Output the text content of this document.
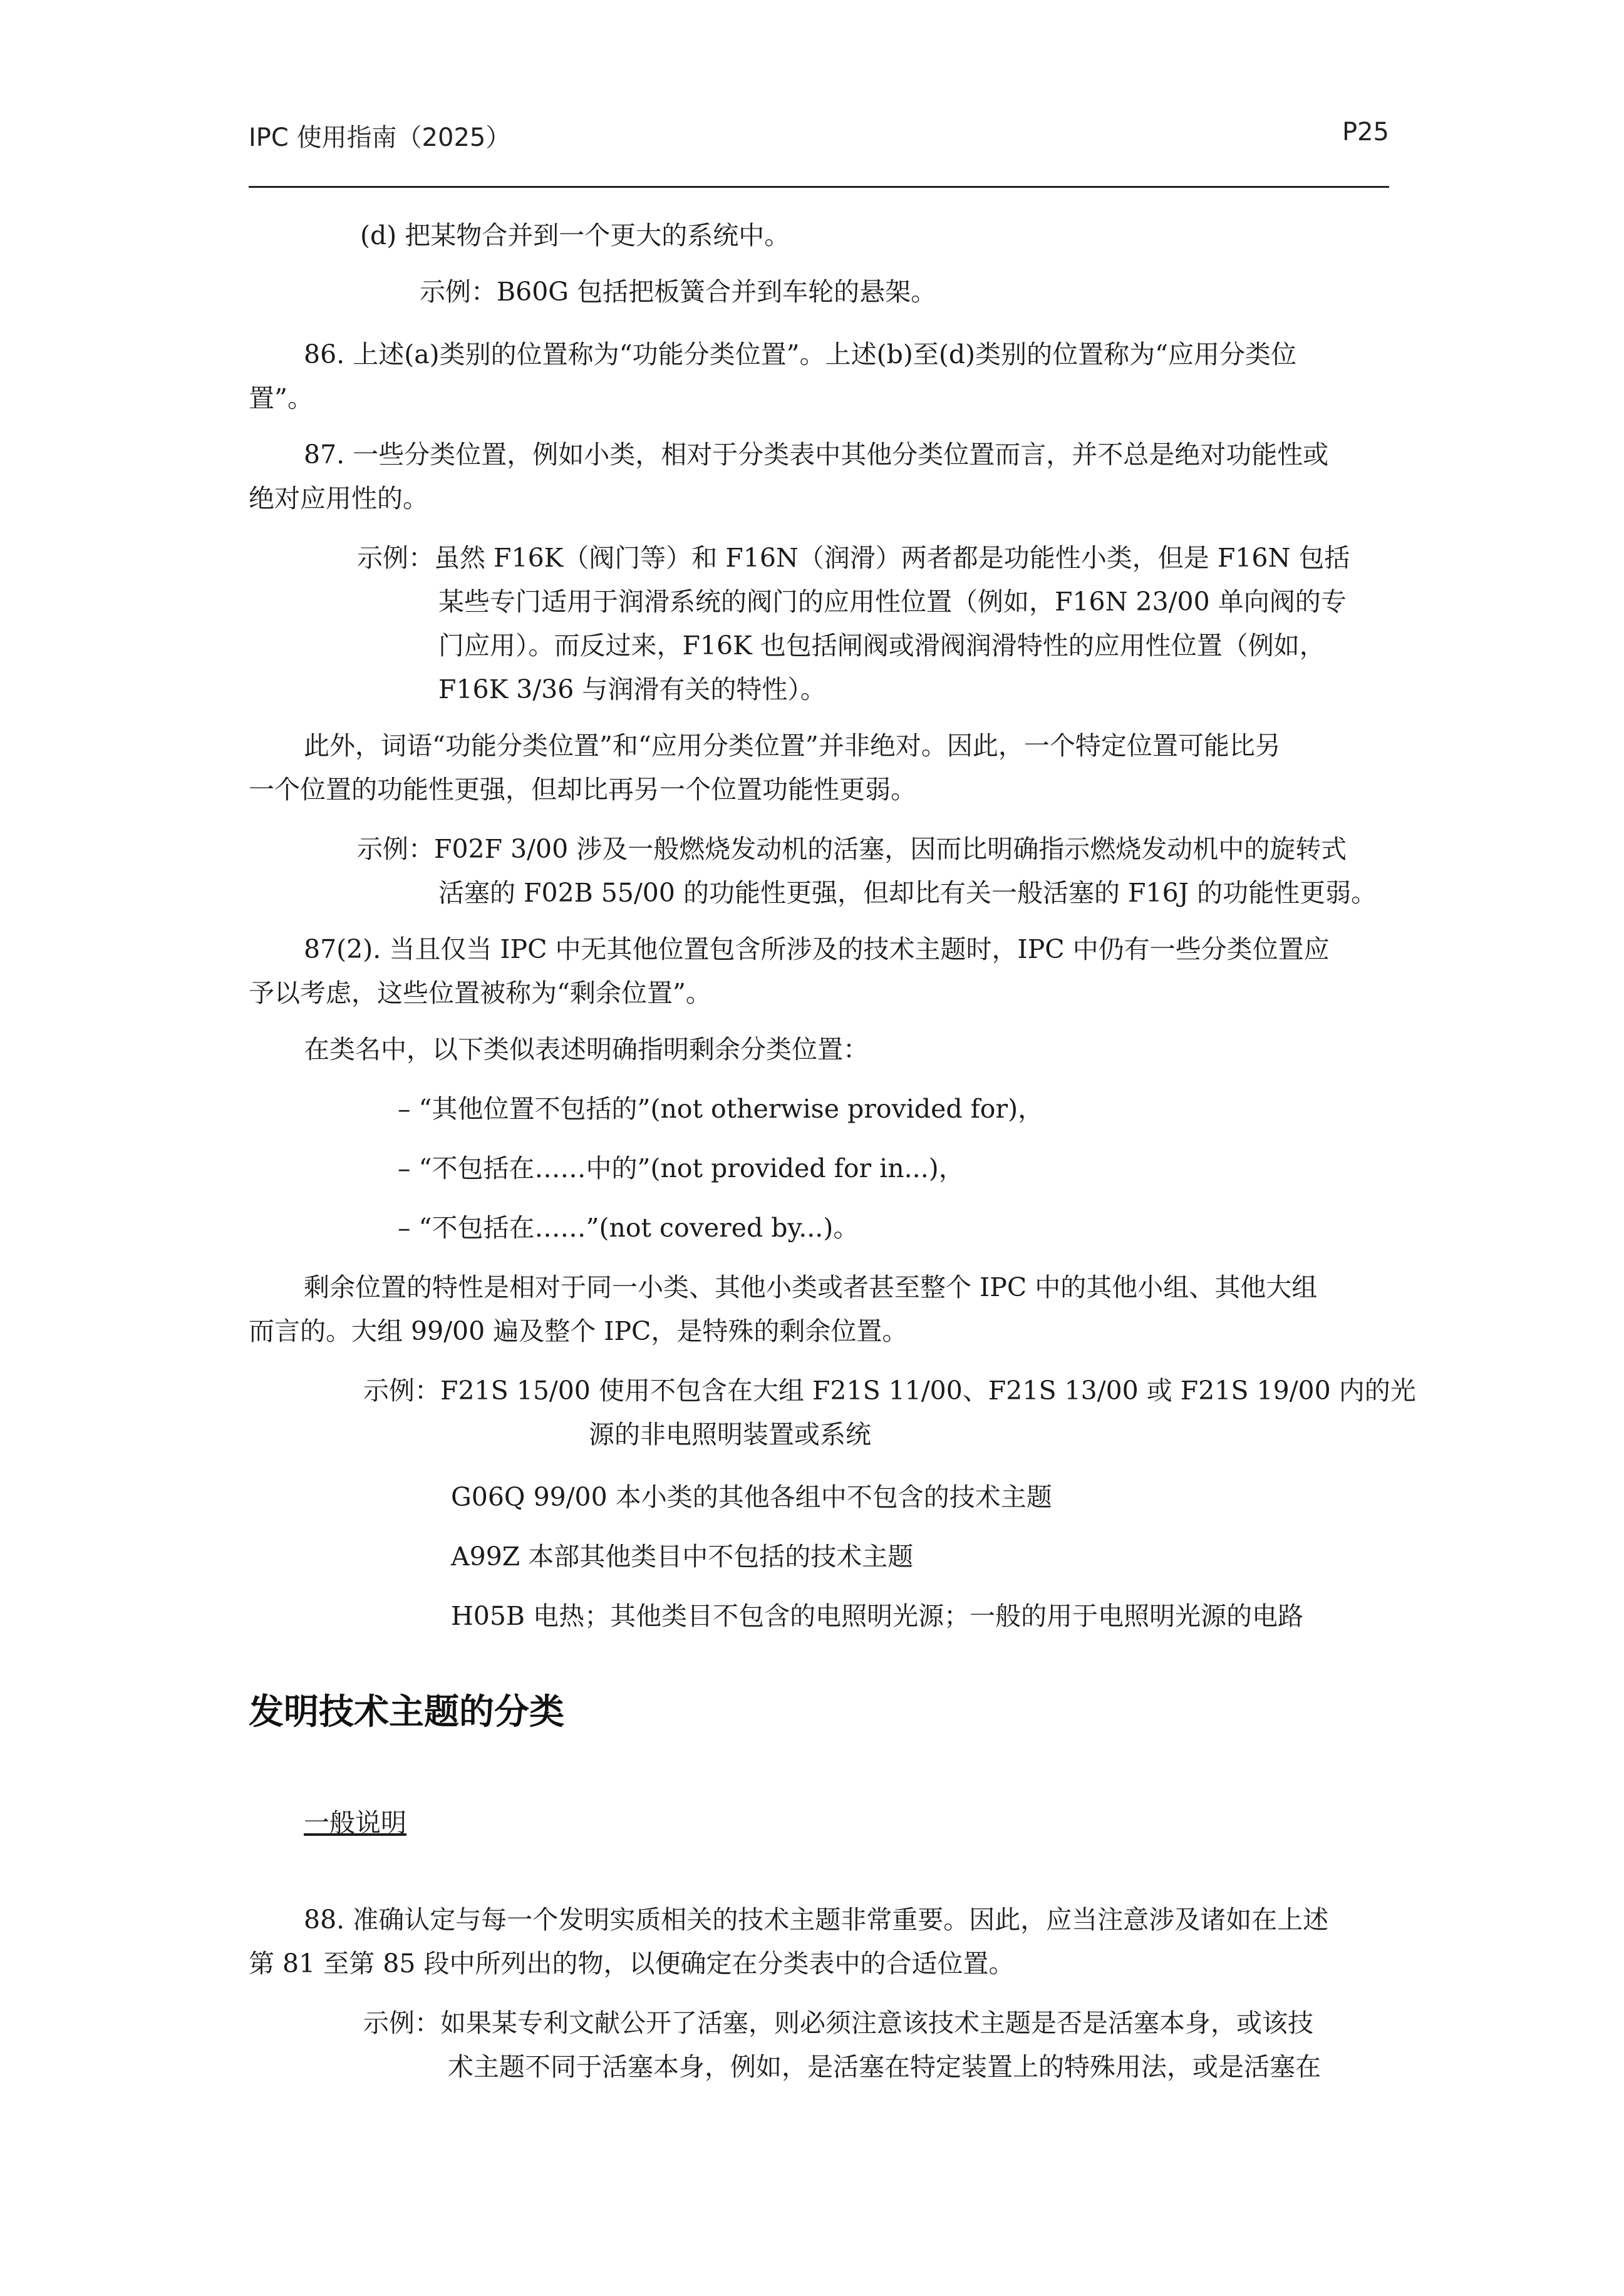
IPC 使用指南（2025）	P25

(d) 把某物合并到一个更大的系统中。

示例：B60G 包括把板簧合并到车轮的悬架。

86. 上述(a)类别的位置称为“功能分类位置”。上述(b)至(d)类别的位置称为“应用分类位

置”。

87. 一些分类位置，例如小类，相对于分类表中其他分类位置而言，并不总是绝对功能性或

绝对应用性的。

示例：虽然 F16K（阀门等）和 F16N（润滑）两者都是功能性小类，但是 F16N 包括

某些专门适用于润滑系统的阀门的应用性位置（例如，F16N 23/00 单向阀的专

门应用）。而反过来，F16K 也包括闸阀或滑阀润滑特性的应用性位置（例如，

F16K 3/36 与润滑有关的特性）。

此外，词语“功能分类位置”和“应用分类位置”并非绝对。因此，一个特定位置可能比另

一个位置的功能性更强，但却比再另一个位置功能性更弱。

示例：F02F 3/00 涉及一般燃烧发动机的活塞，因而比明确指示燃烧发动机中的旋转式

活塞的 F02B 55/00 的功能性更强，但却比有关一般活塞的 F16J 的功能性更弱。

87(2). 当且仅当 IPC 中无其他位置包含所涉及的技术主题时，IPC 中仍有一些分类位置应

予以考虑，这些位置被称为“剩余位置”。

在类名中，以下类似表述明确指明剩余分类位置：

– “其他位置不包括的”(not otherwise provided for)，

– “不包括在……中的”(not provided for in...)，

– “不包括在……”(not covered by...)。

剩余位置的特性是相对于同一小类、其他小类或者甚至整个 IPC 中的其他小组、其他大组

而言的。大组 99/00 遍及整个 IPC，是特殊的剩余位置。

示例：F21S 15/00 使用不包含在大组 F21S 11/00、F21S 13/00 或 F21S 19/00 内的光

源的非电照明装置或系统

G06Q 99/00 本小类的其他各组中不包含的技术主题

A99Z 本部其他类目中不包括的技术主题

H05B 电热；其他类目不包含的电照明光源；一般的用于电照明光源的电路

发明技术主题的分类

一般说明

88. 准确认定与每一个发明实质相关的技术主题非常重要。因此，应当注意涉及诸如在上述

第 81 至第 85 段中所列出的物，以便确定在分类表中的合适位置。

示例：如果某专利文献公开了活塞，则必须注意该技术主题是否是活塞本身，或该技

术主题不同于活塞本身，例如，是活塞在特定装置上的特殊用法，或是活塞在
